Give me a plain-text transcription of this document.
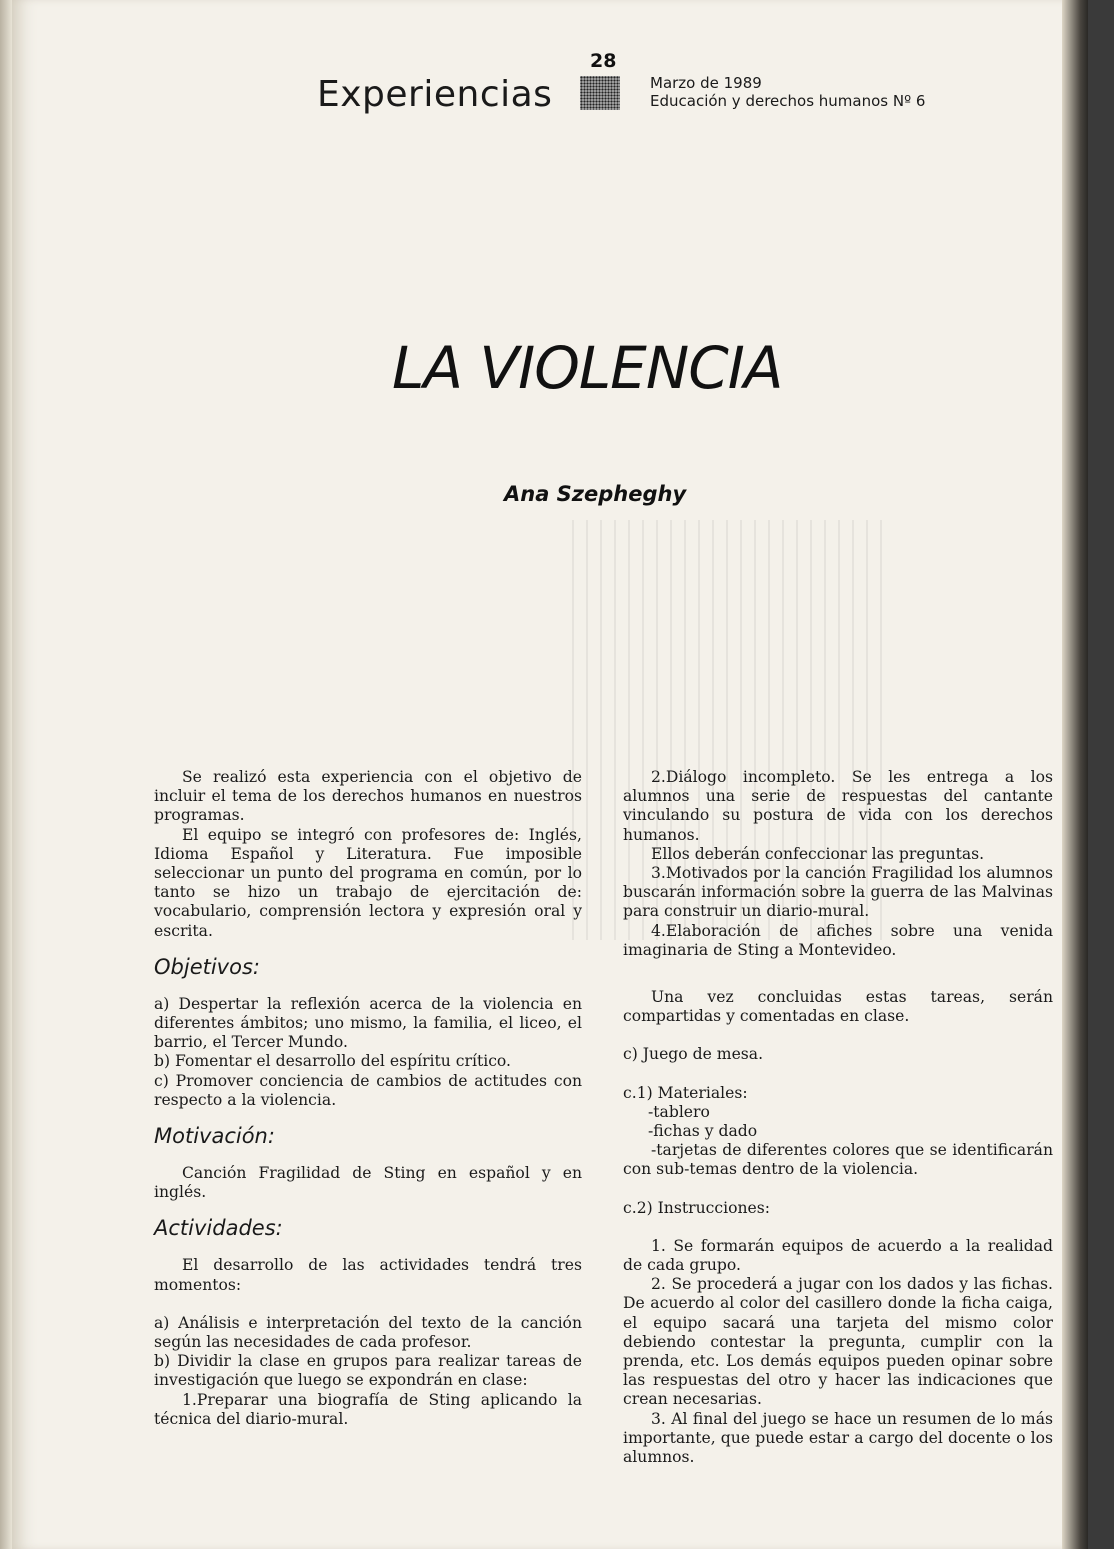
Experiencias
28
Marzo de 1989
Educación y derechos humanos Nº 6
LA VIOLENCIA
Ana Szepheghy

Se realizó esta experiencia con el objetivo de incluir el tema de los derechos humanos en nuestros programas.

El equipo se integró con profesores de: Inglés, Idioma Español y Literatura. Fue imposible seleccionar un punto del programa en común, por lo tanto se hizo un trabajo de ejercitación de: vocabulario, comprensión lectora y expresión oral y escrita.

Objetivos:

a) Despertar la reflexión acerca de la violencia en diferentes ámbitos; uno mismo, la familia, el liceo, el barrio, el Tercer Mundo.

b) Fomentar el desarrollo del espíritu crítico.

c) Promover conciencia de cambios de actitudes con respecto a la violencia.

Motivación:

Canción Fragilidad de Sting en español y en inglés.

Actividades:

El desarrollo de las actividades tendrá tres momentos:

a) Análisis e interpretación del texto de la canción según las necesidades de cada profesor.

b) Dividir la clase en grupos para realizar tareas de investigación que luego se expondrán en clase:

1.Preparar una biografía de Sting aplicando la técnica del diario-mural.

2.Diálogo incompleto. Se les entrega a los alumnos una serie de respuestas del cantante vinculando su postura de vida con los derechos humanos.

Ellos deberán confeccionar las preguntas.

3.Motivados por la canción Fragilidad los alumnos buscarán información sobre la guerra de las Malvinas para construir un diario-mural.

4.Elaboración de afiches sobre una venida imaginaria de Sting a Montevideo.

Una vez concluidas estas tareas, serán compartidas y comentadas en clase.

c) Juego de mesa.

c.1) Materiales:

-tablero

-fichas y dado

-tarjetas de diferentes colores que se identificarán con sub-temas dentro de la violencia.

c.2) Instrucciones:

1. Se formarán equipos de acuerdo a la realidad de cada grupo.

2. Se procederá a jugar con los dados y las fichas. De acuerdo al color del casillero donde la ficha caiga, el equipo sacará una tarjeta del mismo color debiendo contestar la pregunta, cumplir con la prenda, etc. Los demás equipos pueden opinar sobre las respuestas del otro y hacer las indicaciones que crean necesarias.

3. Al final del juego se hace un resumen de lo más importante, que puede estar a cargo del docente o los alumnos.
